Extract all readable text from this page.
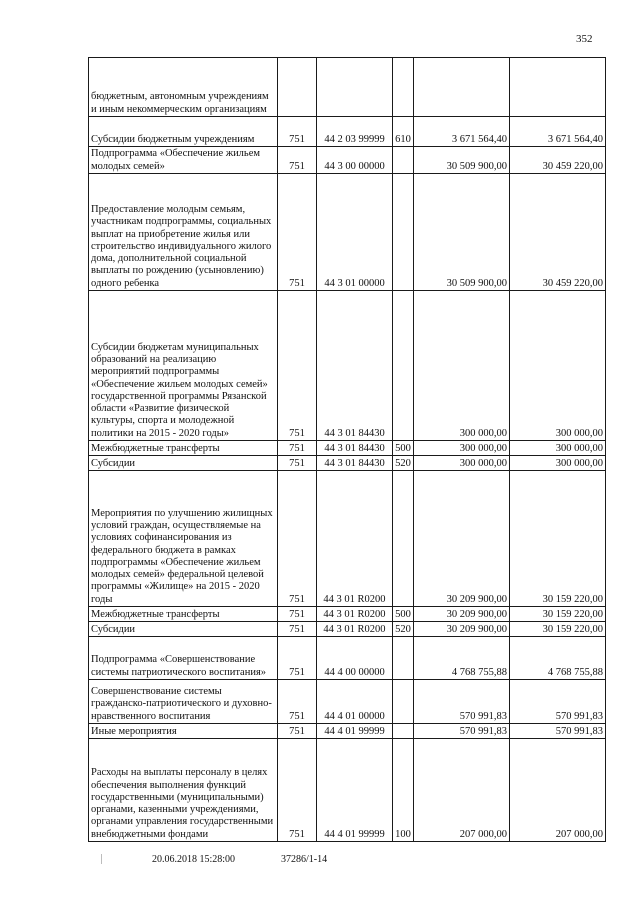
352
бюджетным, автономным учреждениям и иным некоммерческим организациям					
Субсидии бюджетным учреждениям	751	44 2 03 99999	610	3 671 564,40	3 671 564,40
Подпрограмма «Обеспечение жильем молодых семей»	751	44 3 00 00000		30 509 900,00	30 459 220,00
Предоставление молодым семьям, участникам подпрограммы, социальных выплат на приобретение жилья или строительство индивидуального жилого дома, дополнительной социальной выплаты по рождению (усыновлению) одного ребенка	751	44 3 01 00000		30 509 900,00	30 459 220,00
Субсидии бюджетам муниципальных образований на реализацию мероприятий подпрограммы «Обеспечение жильем молодых семей» государственной программы Рязанской области «Развитие физической культуры, спорта и молодежной политики на 2015 - 2020 годы»	751	44 3 01 84430		300 000,00	300 000,00
Межбюджетные трансферты	751	44 3 01 84430	500	300 000,00	300 000,00
Субсидии	751	44 3 01 84430	520	300 000,00	300 000,00
Мероприятия по улучшению жилищных условий граждан, осуществляемые на условиях софинансирования из федерального бюджета в рамках подпрограммы «Обеспечение жильем молодых семей» федеральной целевой программы «Жилище» на 2015 - 2020 годы	751	44 3 01 R0200		30 209 900,00	30 159 220,00
Межбюджетные трансферты	751	44 3 01 R0200	500	30 209 900,00	30 159 220,00
Субсидии	751	44 3 01 R0200	520	30 209 900,00	30 159 220,00
Подпрограмма «Совершенствование системы патриотического воспитания»	751	44 4 00 00000		4 768 755,88	4 768 755,88
Совершенствование системы гражданско-патриотического и духовно-нравственного воспитания	751	44 4 01 00000		570 991,83	570 991,83
Иные мероприятия	751	44 4 01 99999		570 991,83	570 991,83
Расходы на выплаты персоналу в целях обеспечения выполнения функций государственными (муниципальными) органами, казенными учреждениями, органами управления государственными внебюджетными фондами	751	44 4 01 99999	100	207 000,00	207 000,00
20.06.2018 15:28:00	37286/1-14
